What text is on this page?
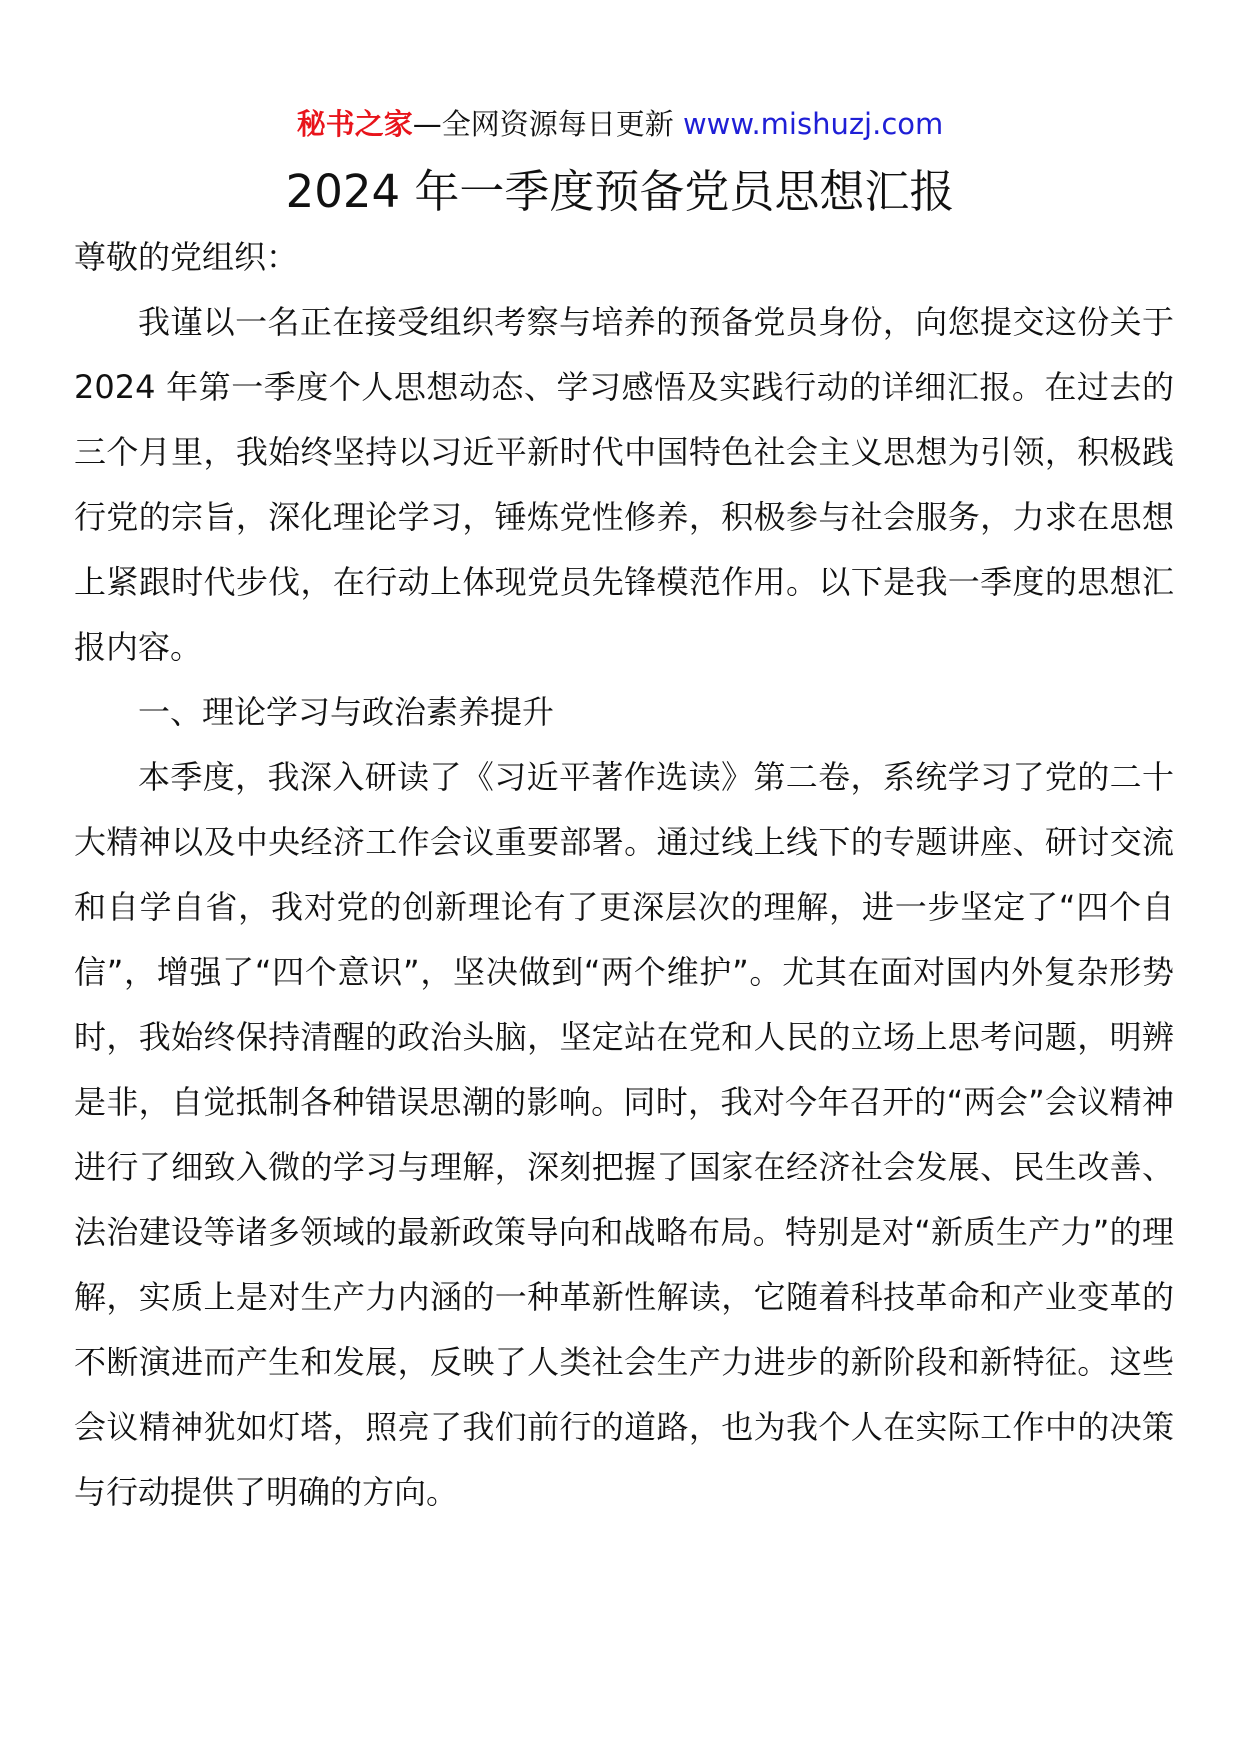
秘书之家—全网资源每日更新 www.mishuzj.com
2024 年一季度预备党员思想汇报

尊敬的党组织：

我谨以一名正在接受组织考察与培养的预备党员身份，向您提交这份关于 2024 年第一季度个人思想动态、学习感悟及实践行动的详细汇报。在过去的三个月里，我始终坚持以习近平新时代中国特色社会主义思想为引领，积极践行党的宗旨，深化理论学习，锤炼党性修养，积极参与社会服务，力求在思想上紧跟时代步伐，在行动上体现党员先锋模范作用。以下是我一季度的思想汇报内容。

一、理论学习与政治素养提升

本季度，我深入研读了《习近平著作选读》第二卷，系统学习了党的二十大精神以及中央经济工作会议重要部署。通过线上线下的专题讲座、研讨交流和自学自省，我对党的创新理论有了更深层次的理解，进一步坚定了“四个自信”，增强了“四个意识”，坚决做到“两个维护”。尤其在面对国内外复杂形势时，我始终保持清醒的政治头脑，坚定站在党和人民的立场上思考问题，明辨是非，自觉抵制各种错误思潮的影响。同时，我对今年召开的“两会”会议精神进行了细致入微的学习与理解，深刻把握了国家在经济社会发展、民生改善、法治建设等诸多领域的最新政策导向和战略布局。特别是对“新质生产力”的理解，实质上是对生产力内涵的一种革新性解读，它随着科技革命和产业变革的不断演进而产生和发展，反映了人类社会生产力进步的新阶段和新特征。这些会议精神犹如灯塔，照亮了我们前行的道路，也为我个人在实际工作中的决策与行动提供了明确的方向。
